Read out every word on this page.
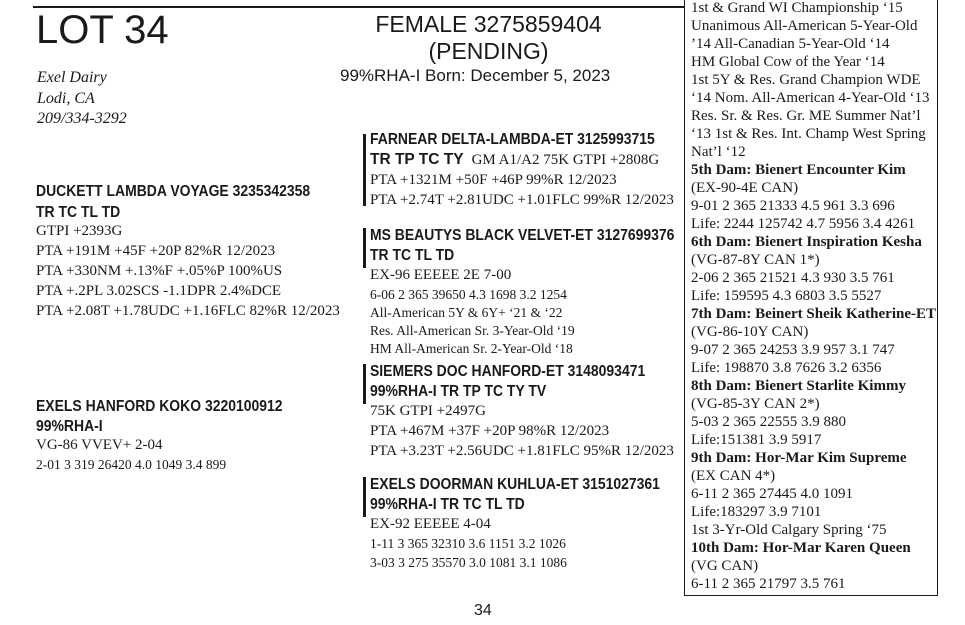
LOT 34	FEMALE 3275859404
(PENDING)
99%RHA-I Born: December 5, 2023
Exel Dairy
Lodi, CA
209/334-3292
DUCKETT LAMBDA VOYAGE 3235342358
TR TC TL TD
GTPI +2393G
PTA +191M +45F +20P 82%R 12/2023
PTA +330NM +.13%F +.05%P 100%US
PTA +.2PL 3.02SCS -1.1DPR 2.4%DCE
PTA +2.08T +1.78UDC +1.16FLC 82%R 12/2023
EXELS HANFORD KOKO 3220100912
99%RHA-I
VG-86 VVEV+ 2-04
2-01 3 319 26420 4.0 1049 3.4 899
FARNEAR DELTA-LAMBDA-ET 3125993715
TR TP TC TY GM A1/A2 75K GTPI +2808G
PTA +1321M +50F +46P 99%R 12/2023
PTA +2.74T +2.81UDC +1.01FLC 99%R 12/2023
MS BEAUTYS BLACK VELVET-ET 3127699376
TR TC TL TD
EX-96 EEEEE 2E 7-00
6-06 2 365 39650 4.3 1698 3.2 1254
All-American 5Y & 6Y+ ‘21 & ‘22
Res. All-American Sr. 3-Year-Old ‘19
HM All-American Sr. 2-Year-Old ‘18
SIEMERS DOC HANFORD-ET 3148093471
99%RHA-I TR TP TC TY TV
75K GTPI +2497G
PTA +467M +37F +20P 98%R 12/2023
PTA +3.23T +2.56UDC +1.81FLC 95%R 12/2023
EXELS DOORMAN KUHLUA-ET 3151027361
99%RHA-I TR TC TL TD
EX-92 EEEEE 4-04
1-11 3 365 32310 3.6 1151 3.2 1026
3-03 3 275 35570 3.0 1081 3.1 1086
1st & Grand WI Championship ‘15
Unanimous All-American 5-Year-Old
’14 All-Canadian 5-Year-Old ‘14
HM Global Cow of the Year ‘14
1st 5Y & Res. Grand Champion WDE
‘14 Nom. All-American 4-Year-Old ‘13
Res. Sr. & Res. Gr. ME Summer Nat’l
‘13 1st & Res. Int. Champ West Spring
Nat’l ‘12
5th Dam: Bienert Encounter Kim
(EX-90-4E CAN)
9-01 2 365 21333 4.5 961 3.3 696
Life: 2244 125742 4.7 5956 3.4 4261
6th Dam: Bienert Inspiration Kesha
(VG-87-8Y CAN 1*)
2-06 2 365 21521 4.3 930 3.5 761
Life: 159595 4.3 6803 3.5 5527
7th Dam: Beinert Sheik Katherine-ET
(VG-86-10Y CAN)
9-07 2 365 24253 3.9 957 3.1 747
Life: 198870 3.8 7626 3.2 6356
8th Dam: Bienert Starlite Kimmy
(VG-85-3Y CAN 2*)
5-03 2 365 22555 3.9 880
Life:151381 3.9 5917
9th Dam: Hor-Mar Kim Supreme
(EX CAN 4*)
6-11 2 365 27445 4.0 1091
Life:183297 3.9 7101
1st 3-Yr-Old Calgary Spring ‘75
10th Dam: Hor-Mar Karen Queen
(VG CAN)
6-11 2 365 21797 3.5 761
34
